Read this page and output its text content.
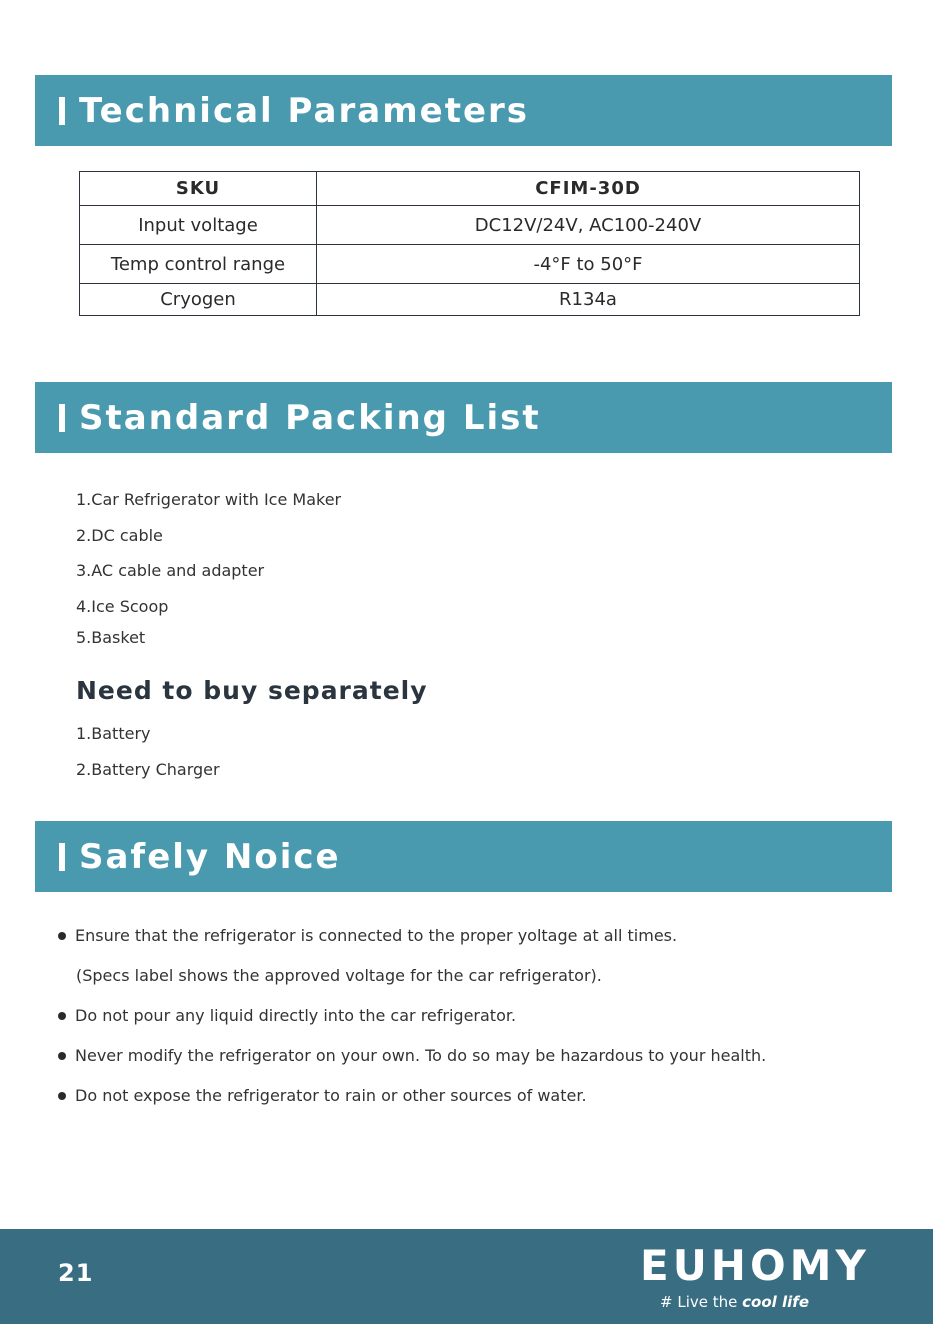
Technical Parameters
SKU	CFIM-30D
Input voltage	DC12V/24V, AC100-240V
Temp control range	-4°F to 50°F
Cryogen	R134a
Standard Packing List
1.Car Refrigerator with Ice Maker
2.DC cable
3.AC cable and adapter
4.Ice Scoop
5.Basket
Need to buy separately
1.Battery
2.Battery Charger
Safely Noice
Ensure that the refrigerator is connected to the proper yoltage at all times.
(Specs label shows the approved voltage for the car refrigerator).
Do not pour any liquid directly into the car refrigerator.
Never modify the refrigerator on your own. To do so may be hazardous to your health.
Do not expose the refrigerator to rain or other sources of water.
21	EUHOMY
# Live the cool life
